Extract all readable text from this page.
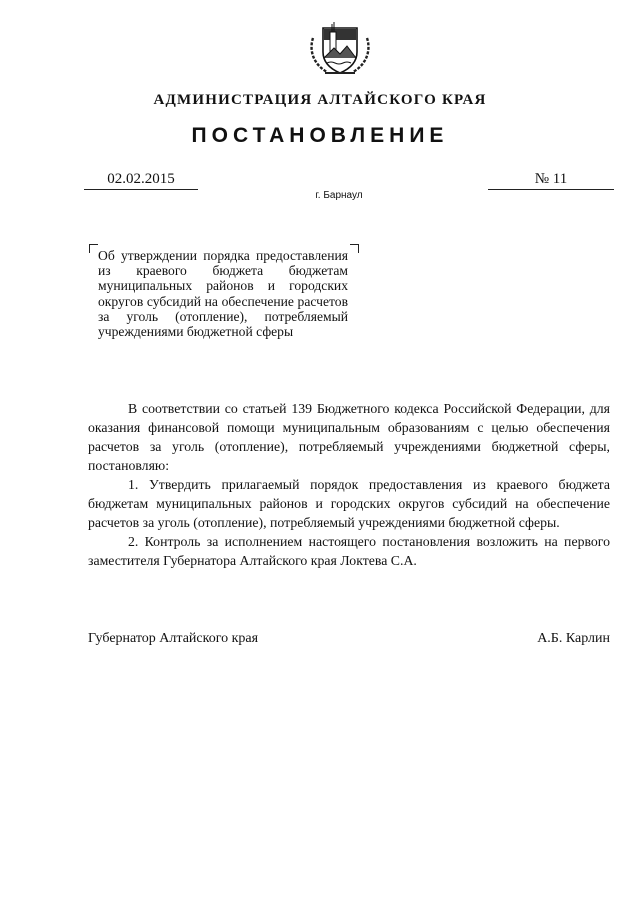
АДМИНИСТРАЦИЯ АЛТАЙСКОГО КРАЯ
ПОСТАНОВЛЕНИЕ
02.02.2015	№ 11
г. Барнаул
Об утверждении порядка предоставления из краевого бюджета бюджетам муниципальных районов и городских округов субсидий на обеспечение расчетов за уголь (отопление), потребляемый учреждениями бюджетной сферы

В соответствии со статьей 139 Бюджетного кодекса Российской Федерации, для оказания финансовой помощи муниципальным образованиям с целью обеспечения расчетов за уголь (отопление), потребляемый учреждениями бюджетной сферы, постановляю:

1. Утвердить прилагаемый порядок предоставления из краевого бюджета бюджетам муниципальных районов и городских округов субсидий на обеспечение расчетов за уголь (отопление), потребляемый учреждениями бюджетной сферы.

2. Контроль за исполнением настоящего постановления возложить на первого заместителя Губернатора Алтайского края Локтева С.А.

Губернатор Алтайского края	А.Б. Карлин
